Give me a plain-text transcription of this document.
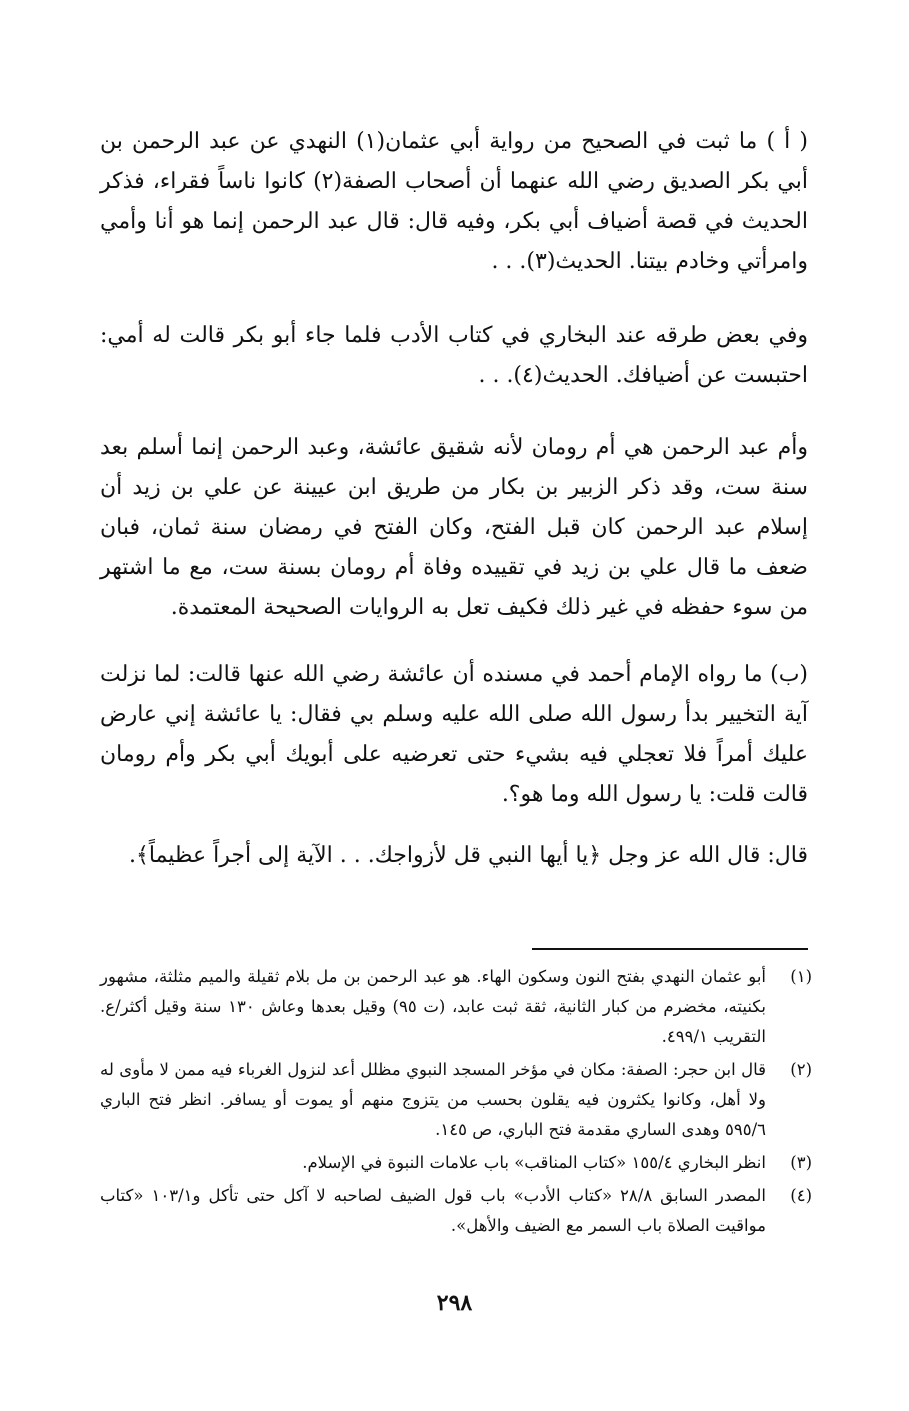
( أ ) ما ثبت في الصحيح من رواية أبي عثمان(١) النهدي عن عبد الرحمن بن أبي بكر الصديق رضي الله عنهما أن أصحاب الصفة(٢) كانوا ناساً فقراء، فذكر الحديث في قصة أضياف أبي بكر، وفيه قال: قال عبد الرحمن إنما هو أنا وأمي وامرأتي وخادم بيتنا. الحديث(٣). . .

وفي بعض طرقه عند البخاري في كتاب الأدب فلما جاء أبو بكر قالت له أمي: احتبست عن أضيافك. الحديث(٤). . .

وأم عبد الرحمن هي أم رومان لأنه شقيق عائشة، وعبد الرحمن إنما أسلم بعد سنة ست، وقد ذكر الزبير بن بكار من طريق ابن عيينة عن علي بن زيد أن إسلام عبد الرحمن كان قبل الفتح، وكان الفتح في رمضان سنة ثمان، فبان ضعف ما قال علي بن زيد في تقييده وفاة أم رومان بسنة ست، مع ما اشتهر من سوء حفظه في غير ذلك فكيف تعل به الروايات الصحيحة المعتمدة.

(ب) ما رواه الإمام أحمد في مسنده أن عائشة رضي الله عنها قالت: لما نزلت آية التخيير بدأ رسول الله صلى الله عليه وسلم بي فقال: يا عائشة إني عارض عليك أمراً فلا تعجلي فيه بشيء حتى تعرضيه على أبويك أبي بكر وأم رومان قالت قلت: يا رسول الله وما هو؟.

قال: قال الله عز وجل ﴿يا أيها النبي قل لأزواجك. . . الآية إلى أجراً عظيماً﴾.

(١)
أبو عثمان النهدي بفتح النون وسكون الهاء. هو عبد الرحمن بن مل بلام ثقيلة والميم مثلثة، مشهور بكنيته، مخضرم من كبار الثانية، ثقة ثبت عابد، (ت ٩٥) وقيل بعدها وعاش ١٣٠ سنة وقيل أكثر/ع. التقريب ٤٩٩/١.
(٢)
قال ابن حجر: الصفة: مكان في مؤخر المسجد النبوي مظلل أعد لنزول الغرباء فيه ممن لا مأوى له ولا أهل، وكانوا يكثرون فيه يقلون بحسب من يتزوج منهم أو يموت أو يسافر. انظر فتح الباري ٥٩٥/٦ وهدى الساري مقدمة فتح الباري، ص ١٤٥.
(٣)
انظر البخاري ١٥٥/٤ «كتاب المناقب» باب علامات النبوة في الإسلام.
(٤)
المصدر السابق ٢٨/٨ «كتاب الأدب» باب قول الضيف لصاحبه لا آكل حتى تأكل و١٠٣/١ «كتاب مواقيت الصلاة باب السمر مع الضيف والأهل».
٢٩٨
